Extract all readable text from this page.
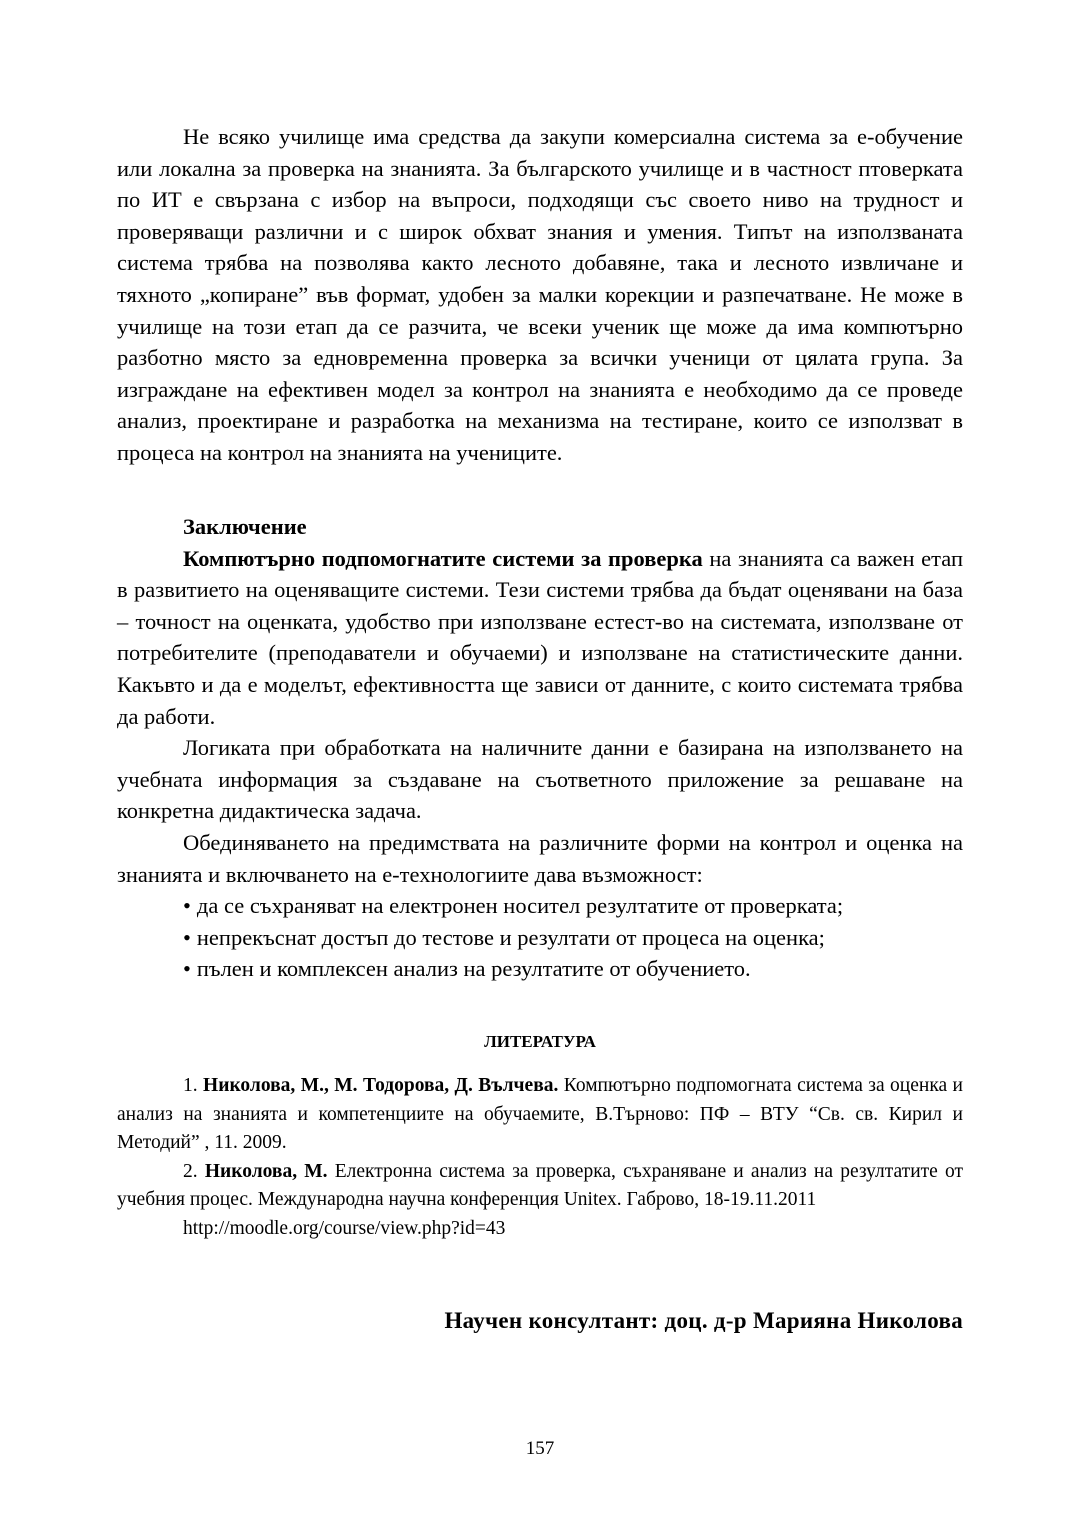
Не всяко училище има средства да закупи комерсиална система за е-обучение или локална за проверка на знанията. За българското училище и в частност птоверката по ИТ е свързана с избор на въпроси, подходящи със своето ниво на трудност и проверяващи различни и с широк обхват знания и умения. Типът на използваната система трябва на позволява както лесното добавяне, така и лесното извличане и тяхното „копиране” във формат, удобен за малки корекции и разпечатване. Не може в училище на този етап да се разчита, че всеки ученик ще може да има компютърно разботно място за едновременна проверка за всички ученици от цялата група. За изграждане на ефективен модел за контрол на знанията е необходимо да се проведе анализ, проектиране и разработка на механизма на тестиране, които се използват в процеса на контрол на знанията на учениците.

Заключение

Компютърно подпомогнатите системи за проверка на знанията са важен етап в развитието на оценяващите системи. Тези системи трябва да бъдат оценявани на база – точност на оценката, удобство при използване естест-во на системата, използване от потребителите (преподаватели и обучаеми) и използване на статистическите данни. Какъвто и да е моделът, ефективността ще зависи от данните, с които системата трябва да работи.

Логиката при обработката на наличните данни е базирана на използването на учебната информация за създаване на съответното приложение за решаване на конкретна дидактическа задача.

Обединяването на предимствата на различните форми на контрол и оценка на знанията и включването на е-технологиите дава възможност:

• да се съхраняват на електронен носител резултатите от проверката;
• непрекъснат достъп до тестове и резултати от процеса на оценка;
• пълен и комплексен анализ на резултатите от обучението.

ЛИТЕРАТУРА

1. Николова, М., М. Тодорова, Д. Вълчева. Компютърно подпомогната система за оценка и анализ на знанията и компетенциите на обучаемите, В.Търново: ПФ – ВТУ “Св. св. Кирил и Методий” , 11. 2009.

2. Николова, М. Електронна система за проверка, съхраняване и анализ на резултатите от учебния процес. Международна научна конференция Unitex. Габрово, 18-19.11.2011

http://moodle.org/course/view.php?id=43

Научен консултант: доц. д-р Марияна Николова
157
